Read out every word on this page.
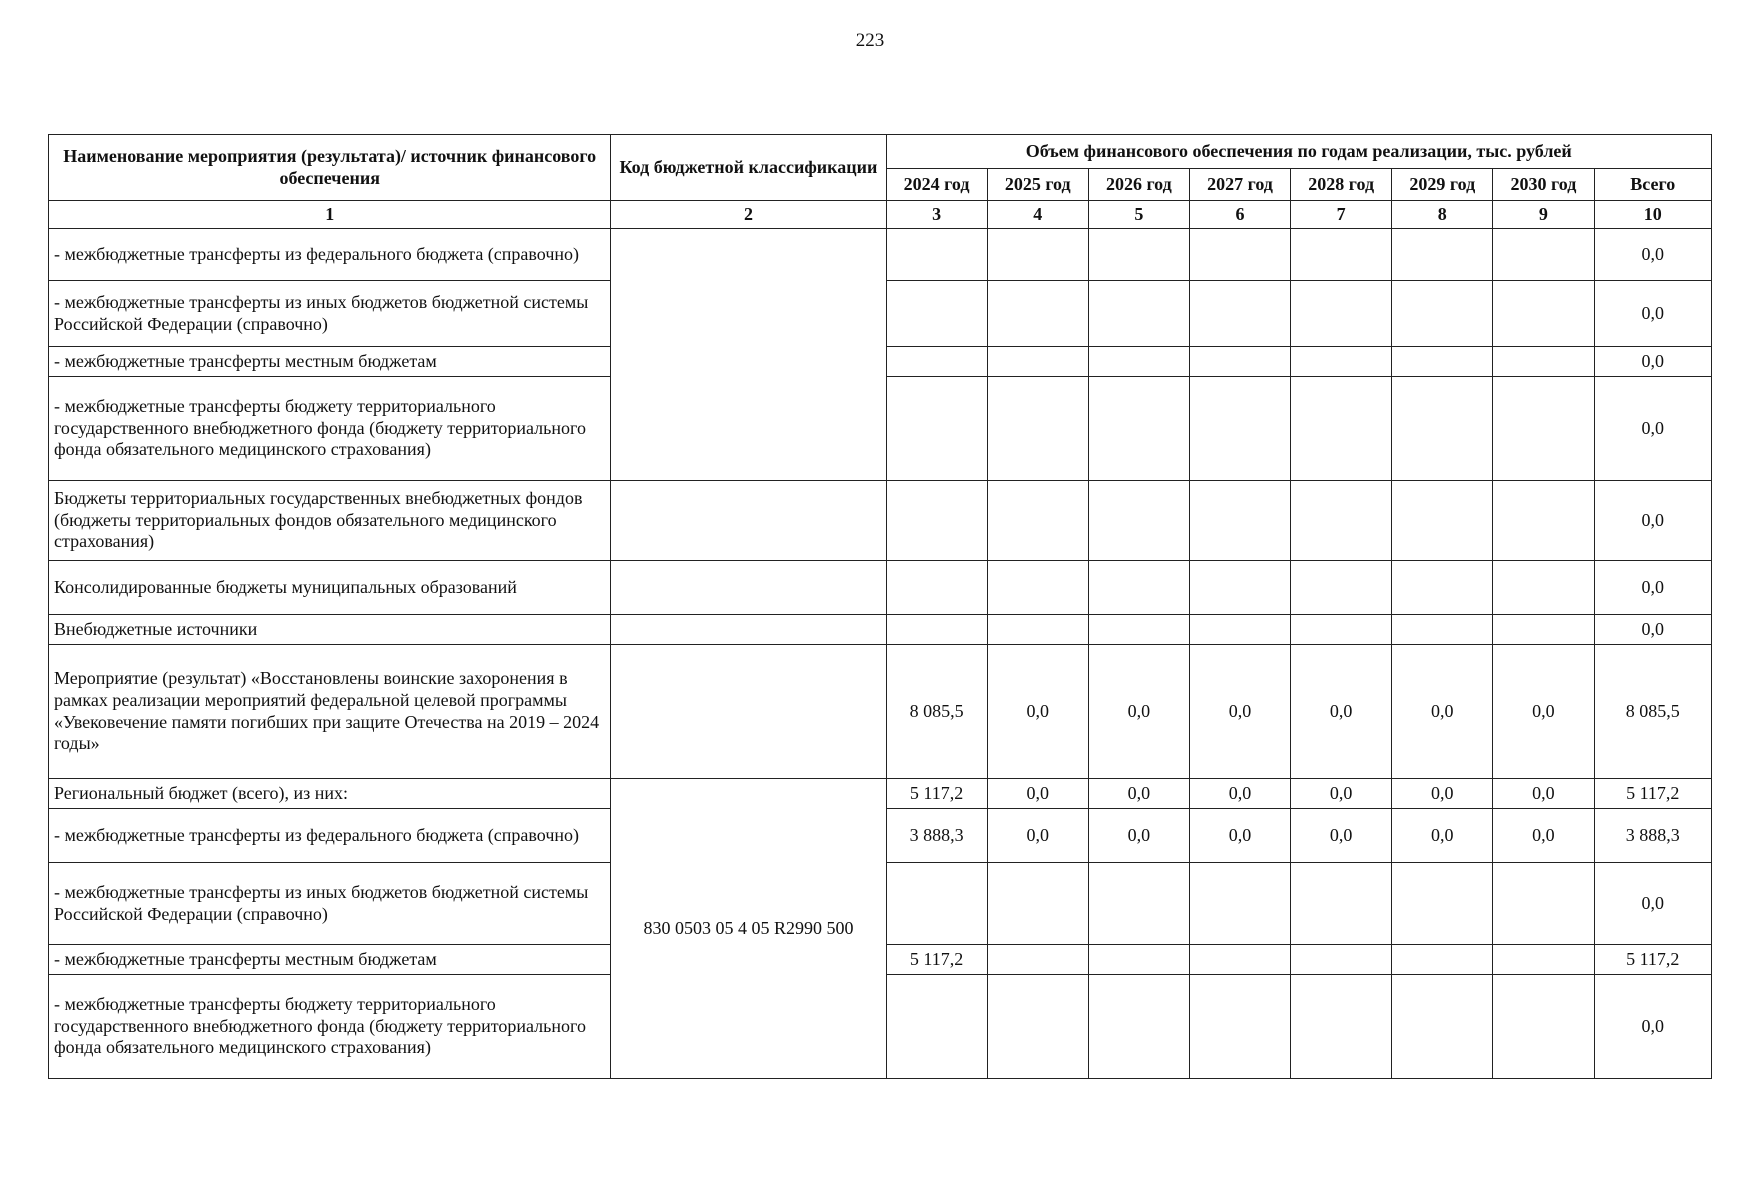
223
Наименование мероприятия (результата)/ источник финансового обеспечения	Код бюджетной классификации	Объем финансового обеспечения по годам реализации, тыс. рублей							
		2024 год	2025 год	2026 год	2027 год	2028 год	2029 год	2030 год	Всего
1	2	3	4	5	6	7	8	9	10
- межбюджетные трансферты из федерального бюджета (справочно)									0,0
- межбюджетные трансферты из иных бюджетов бюджетной системы Российской Федерации (справочно)									0,0
- межбюджетные трансферты местным бюджетам									0,0
- межбюджетные трансферты бюджету территориального государственного внебюджетного фонда (бюджету территориального фонда обязательного медицинского страхования)									0,0
Бюджеты территориальных государственных внебюджетных фондов (бюджеты территориальных фондов обязательного медицинского страхования)									0,0
Консолидированные бюджеты муниципальных образований									0,0
Внебюджетные источники									0,0
Мероприятие (результат) «Восстановлены воинские захоронения в рамках реализации мероприятий федеральной целевой программы «Увековечение памяти погибших при защите Отечества на 2019 – 2024 годы»		8 085,5	0,0	0,0	0,0	0,0	0,0	0,0	8 085,5
Региональный бюджет (всего), из них:	830 0503 05 4 05 R2990 500	5 117,2	0,0	0,0	0,0	0,0	0,0	0,0	5 117,2
- межбюджетные трансферты из федерального бюджета (справочно)		3 888,3	0,0	0,0	0,0	0,0	0,0	0,0	3 888,3
- межбюджетные трансферты из иных бюджетов бюджетной системы Российской Федерации (справочно)									0,0
- межбюджетные трансферты местным бюджетам		5 117,2							5 117,2
- межбюджетные трансферты бюджету территориального государственного внебюджетного фонда (бюджету территориального фонда обязательного медицинского страхования)									0,0
